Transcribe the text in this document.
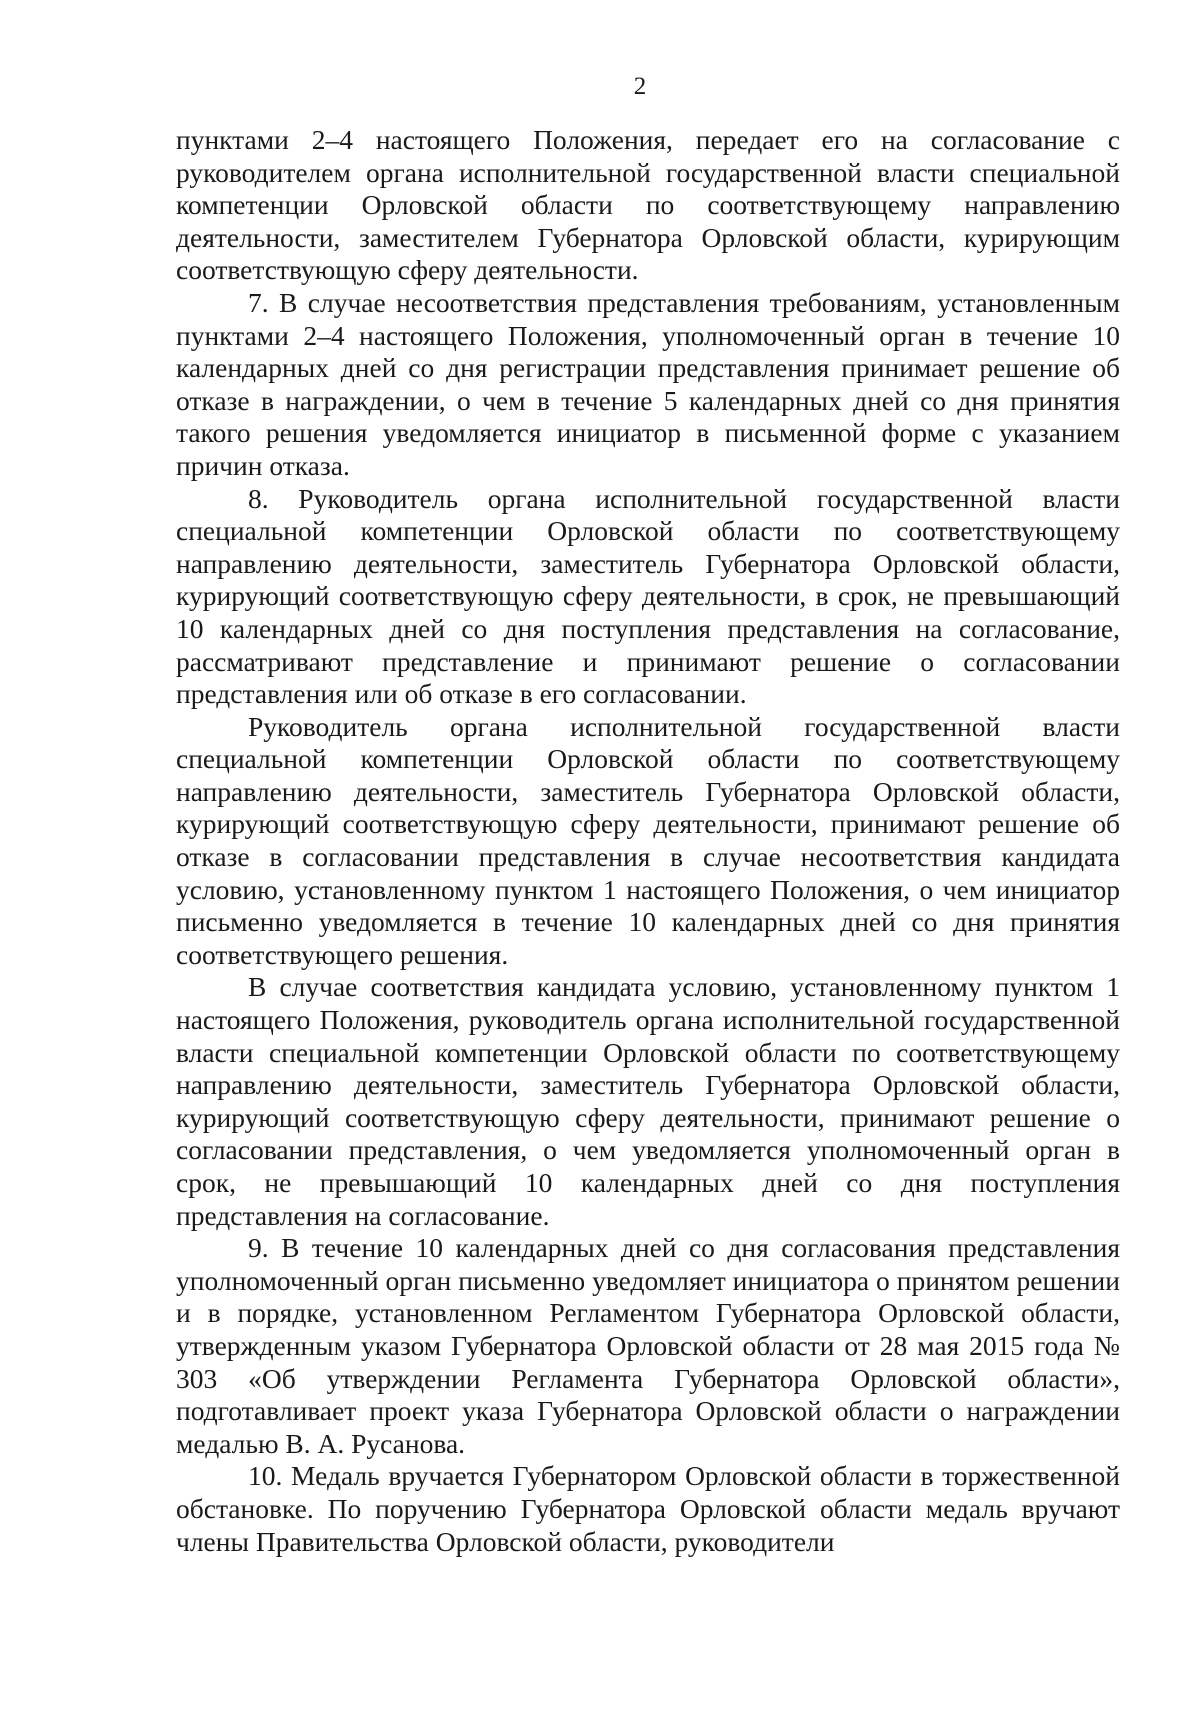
2

пунктами 2–4 настоящего Положения, передает его на согласование с руководителем органа исполнительной государственной власти специальной компетенции Орловской области по соответствующему направлению деятельности, заместителем Губернатора Орловской области, курирующим соответствующую сферу деятельности.

7. В случае несоответствия представления требованиям, установленным пунктами 2–4 настоящего Положения, уполномоченный орган в течение 10 календарных дней со дня регистрации представления принимает решение об отказе в награждении, о чем в течение 5 календарных дней со дня принятия такого решения уведомляется инициатор в письменной форме с указанием причин отказа.

8. Руководитель органа исполнительной государственной власти специальной компетенции Орловской области по соответствующему направлению деятельности, заместитель Губернатора Орловской области, курирующий соответствующую сферу деятельности, в срок, не превышающий 10 календарных дней со дня поступления представления на согласование, рассматривают представление и принимают решение о согласовании представления или об отказе в его согласовании.

Руководитель органа исполнительной государственной власти специальной компетенции Орловской области по соответствующему направлению деятельности, заместитель Губернатора Орловской области, курирующий соответствующую сферу деятельности, принимают решение об отказе в согласовании представления в случае несоответствия кандидата условию, установленному пунктом 1 настоящего Положения, о чем инициатор письменно уведомляется в течение 10 календарных дней со дня принятия соответствующего решения.

В случае соответствия кандидата условию, установленному пунктом 1 настоящего Положения, руководитель органа исполнительной государственной власти специальной компетенции Орловской области по соответствующему направлению деятельности, заместитель Губернатора Орловской области, курирующий соответствующую сферу деятельности, принимают решение о согласовании представления, о чем уведомляется уполномоченный орган в срок, не превышающий 10 календарных дней со дня поступления представления на согласование.

9. В течение 10 календарных дней со дня согласования представления уполномоченный орган письменно уведомляет инициатора о принятом решении и в порядке, установленном Регламентом Губернатора Орловской области, утвержденным указом Губернатора Орловской области от 28 мая 2015 года № 303 «Об утверждении Регламента Губернатора Орловской области», подготавливает проект указа Губернатора Орловской области о награждении медалью В. А. Русанова.

10. Медаль вручается Губернатором Орловской области в торжественной обстановке. По поручению Губернатора Орловской области медаль вручают члены Правительства Орловской области, руководители
